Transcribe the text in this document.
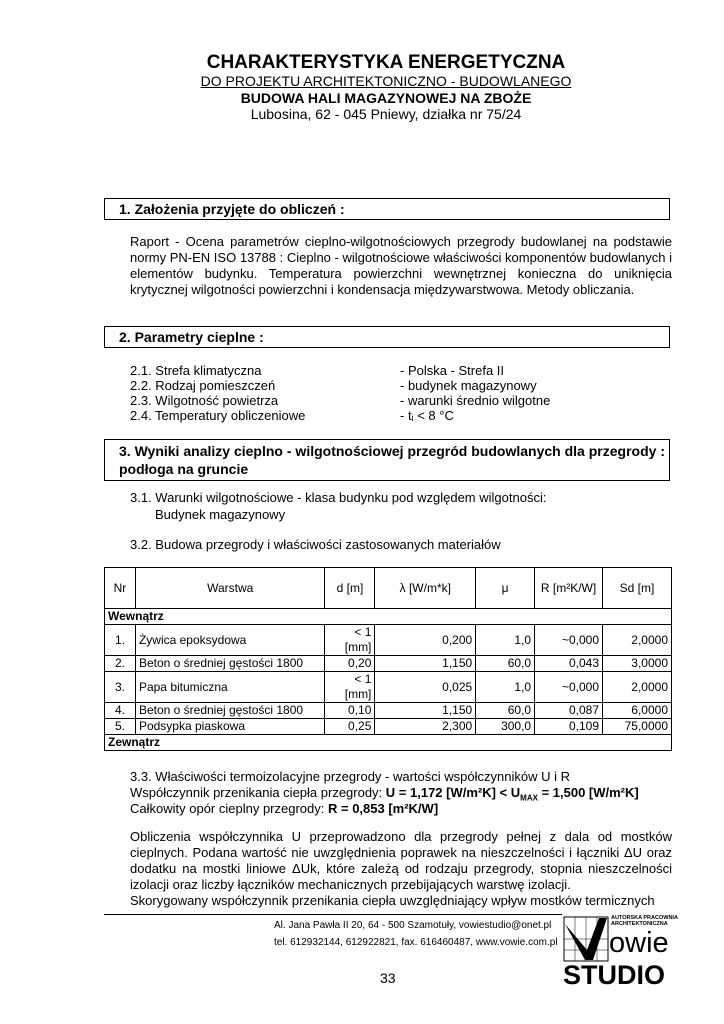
CHARAKTERYSTYKA ENERGETYCZNA
DO PROJEKTU ARCHITEKTONICZNO - BUDOWLANEGO
BUDOWA HALI MAGAZYNOWEJ NA ZBOŻE
Lubosina, 62 - 045 Pniewy, działka nr 75/24
1. Założenia przyjęte do obliczeń :
Raport - Ocena parametrów cieplno-wilgotnościowych przegrody budowlanej na podstawie normy PN-EN ISO 13788 : Cieplno - wilgotnościowe właściwości komponentów budowlanych i elementów budynku. Temperatura powierzchni wewnętrznej konieczna do uniknięcia krytycznej wilgotności powierzchni i kondensacja międzywarstwowa. Metody obliczania.
2. Parametry cieplne :
2.1. Strefa klimatyczna	- Polska - Strefa II
2.2. Rodzaj pomieszczeń	- budynek magazynowy
2.3. Wilgotność powietrza	- warunki średnio wilgotne
2.4. Temperatury obliczeniowe	- tᵢ < 8 °C
3. Wyniki analizy cieplno - wilgotnościowej przegród budowlanych dla przegrody : podłoga na gruncie
3.1. Warunki wilgotnościowe - klasa budynku pod względem wilgotności:
Budynek magazynowy
3.2. Budowa przegrody i właściwości zastosowanych materiałów
Nr	Warstwa	d [m]	λ [W/m*k]	μ	R [m²K/W]	Sd [m]
Wewnątrz						
1.	Żywica epoksydowa	< 1 [mm]	0,200	1,0	~0,000	2,0000
2.	Beton o średniej gęstości 1800	0,20	1,150	60,0	0,043	3,0000
3.	Papa bitumiczna	< 1 [mm]	0,025	1,0	~0,000	2,0000
4.	Beton o średniej gęstości 1800	0,10	1,150	60,0	0,087	6,0000
5.	Podsypka piaskowa	0,25	2,300	300,0	0,109	75,0000
Zewnątrz						
3.3. Właściwości termoizolacyjne przegrody - wartości współczynników U i R
Współczynnik przenikania ciepła przegrody: U = 1,172 $[W/m^2K] < U_{MAX} = 1,500$ [W/m²K]
Całkowity opór cieplny przegrody: R = 0,853 [m²K/W]
Obliczenia współczynnika U przeprowadzono dla przegrody pełnej z dala od mostków cieplnych. Podana wartość nie uwzględnienia poprawek na nieszczelności i łączniki ΔU oraz dodatku na mostki liniowe ΔUk, które zależą od rodzaju przegrody, stopnia nieszczelności izolacji oraz liczby łączników mechanicznych przebijających warstwę izolacji.
Skorygowany współczynnik przenikania ciepła uwzględniający wpływ mostków termicznych
Al. Jana Pawła II 20, 64 - 500 Szamotuły, vowiestudio@onet.pl
tel. 612932144, 612922821, fax. 616460487, www.vowie.com.pl
33
AUTORSKA PRACOWNIA ARCHITEKTONICZNA
owie
STUDIO
